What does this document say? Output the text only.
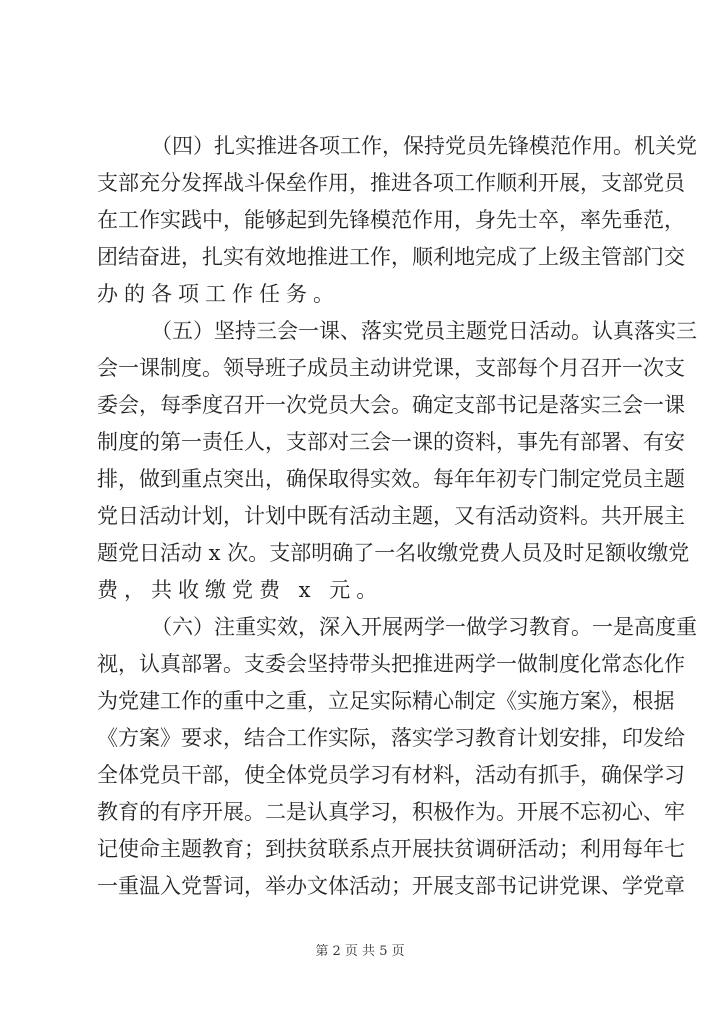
（四）扎实推进各项工作，保持党员先锋模范作用。机关党
支部充分发挥战斗保垒作用，推进各项工作顺利开展，支部党员
在工作实践中，能够起到先锋模范作用，身先士卒，率先垂范，
团结奋进，扎实有效地推进工作，顺利地完成了上级主管部门交
办的各项工作任务。
（五）坚持三会一课、落实党员主题党日活动。认真落实三
会一课制度。领导班子成员主动讲党课，支部每个月召开一次支
委会，每季度召开一次党员大会。确定支部书记是落实三会一课
制度的第一责任人，支部对三会一课的资料，事先有部署、有安
排，做到重点突出，确保取得实效。每年年初专门制定党员主题
党日活动计划，计划中既有活动主题，又有活动资料。共开展主
题党日活动 x 次。支部明确了一名收缴党费人员及时足额收缴党
费，共收缴党费 x 元。
（六）注重实效，深入开展两学一做学习教育。一是高度重
视，认真部署。支委会坚持带头把推进两学一做制度化常态化作
为党建工作的重中之重，立足实际精心制定《实施方案》，根据
《方案》要求，结合工作实际，落实学习教育计划安排，印发给
全体党员干部，使全体党员学习有材料，活动有抓手，确保学习
教育的有序开展。二是认真学习，积极作为。开展不忘初心、牢
记使命主题教育；到扶贫联系点开展扶贫调研活动；利用每年七
一重温入党誓词，举办文体活动；开展支部书记讲党课、学党章
第 2 页 共 5 页
